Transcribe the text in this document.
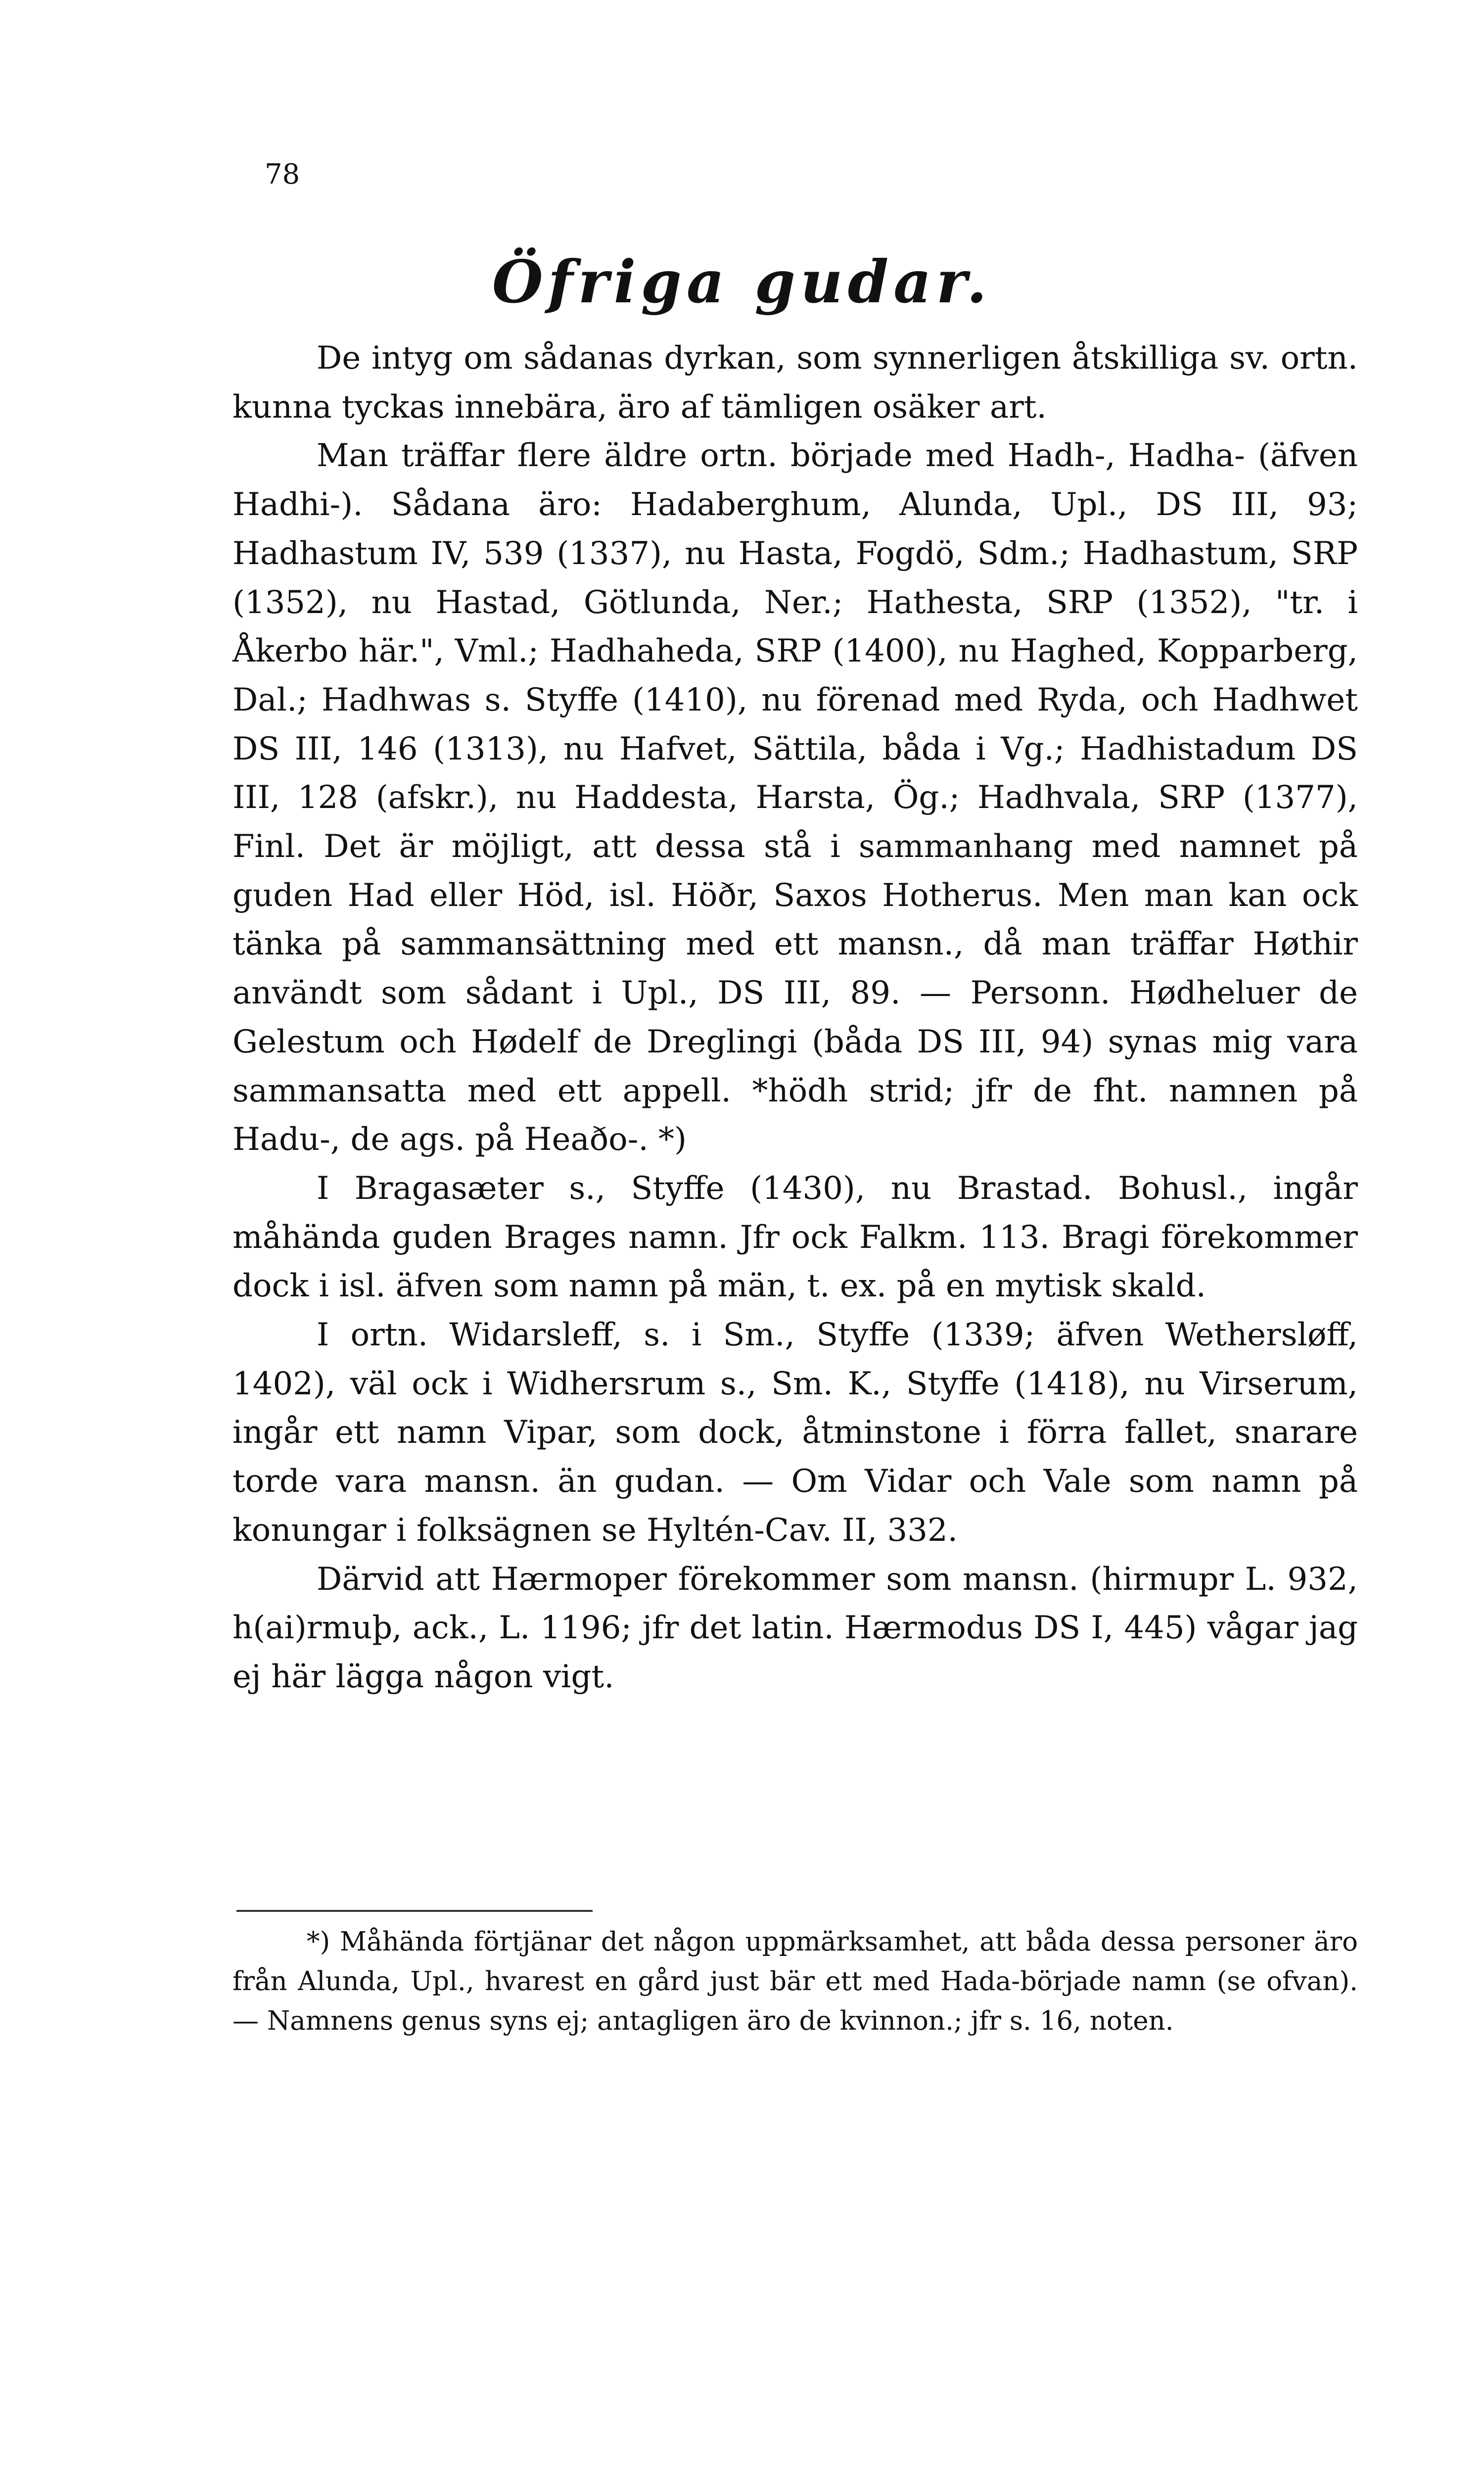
78
Öfriga gudar.

De intyg om sådanas dyrkan, som synnerligen åtskilliga sv. ortn. kunna tyckas innebära, äro af tämligen osäker art.

Man träffar flere äldre ortn. började med Hadh-, Hadha- (äfven Hadhi-). Sådana äro: Hadaberghum, Alunda, Upl., DS III, 93; Hadhastum IV, 539 (1337), nu Hasta, Fogdö, Sdm.; Hadhastum, SRP (1352), nu Hastad, Götlunda, Ner.; Hathesta, SRP (1352), "tr. i Åkerbo här.", Vml.; Hadhaheda, SRP (1400), nu Haghed, Kopparberg, Dal.; Hadhwas s. Styffe (1410), nu förenad med Ryda, och Hadhwet DS III, 146 (1313), nu Hafvet, Sättila, båda i Vg.; Hadhistadum DS III, 128 (afskr.), nu Haddesta, Harsta, Ög.; Hadhvala, SRP (1377), Finl. Det är möjligt, att dessa stå i sammanhang med namnet på guden Had eller Höd, isl. Höðr, Saxos Hotherus. Men man kan ock tänka på sammansättning med ett mansn., då man träffar Høthir användt som sådant i Upl., DS III, 89. — Personn. Hødheluer de Gelestum och Hødelf de Dreglingi (båda DS III, 94) synas mig vara sammansatta med ett appell. *hödh strid; jfr de fht. namnen på Hadu-, de ags. på Heaðo-. *)

I Bragasæter s., Styffe (1430), nu Brastad. Bohusl., ingår måhända guden Brages namn. Jfr ock Falkm. 113. Bragi förekommer dock i isl. äfven som namn på män, t. ex. på en mytisk skald.

I ortn. Widarsleff, s. i Sm., Styffe (1339; äfven Wethersløff, 1402), väl ock i Widhersrum s., Sm. K., Styffe (1418), nu Virserum, ingår ett namn Vipar, som dock, åtminstone i förra fallet, snarare torde vara mansn. än gudan. — Om Vidar och Vale som namn på konungar i folksägnen se Hyltén-Cav. II, 332.

Därvid att Hærmoper förekommer som mansn. (hirmupr L. 932, h(ai)rmuþ, ack., L. 1196; jfr det latin. Hærmodus DS I, 445) vågar jag ej här lägga någon vigt.

*) Måhända förtjänar det någon uppmärksamhet, att båda dessa personer äro från Alunda, Upl., hvarest en gård just bär ett med Hada-började namn (se ofvan). — Namnens genus syns ej; antagligen äro de kvinnon.; jfr s. 16, noten.
